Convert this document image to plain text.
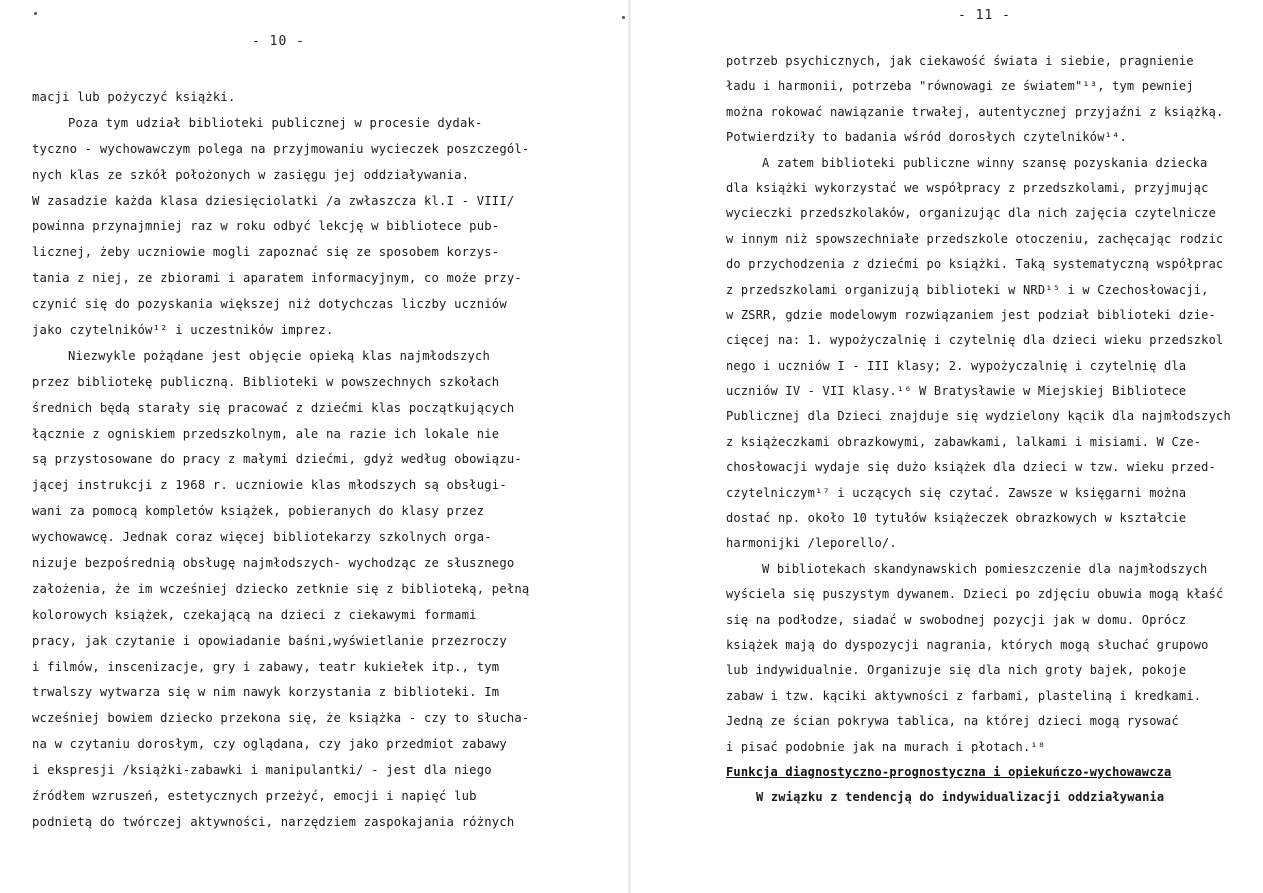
- 10 -
macji lub pożyczyć książki.
Poza tym udział biblioteki publicznej w procesie dydak-
tyczno - wychowawczym polega na przyjmowaniu wycieczek poszczegól-
nych klas ze szkół położonych w zasięgu jej oddziaływania.
W zasadzie każda klasa dziesięciolatki /a zwłaszcza kl.I - VIII/
powinna przynajmniej raz w roku odbyć lekcję w bibliotece pub-
licznej, żeby uczniowie mogli zapoznać się ze sposobem korzys-
tania z niej, ze zbiorami i aparatem informacyjnym, co może przy-
czynić się do pozyskania większej niż dotychczas liczby uczniów
jako czytelników¹² i uczestników imprez.
Niezwykle pożądane jest objęcie opieką klas najmłodszych
przez bibliotekę publiczną. Biblioteki w powszechnych szkołach
średnich będą starały się pracować z dziećmi klas początkujących
łącznie z ogniskiem przedszkolnym, ale na razie ich lokale nie
są przystosowane do pracy z małymi dziećmi, gdyż według obowiązu-
jącej instrukcji z 1968 r. uczniowie klas młodszych są obsługi-
wani za pomocą kompletów książek, pobieranych do klasy przez
wychowawcę. Jednak coraz więcej bibliotekarzy szkolnych orga-
nizuje bezpośrednią obsługę najmłodszych- wychodząc ze słusznego
założenia, że im wcześniej dziecko zetknie się z biblioteką, pełną
kolorowych książek, czekającą na dzieci z ciekawymi formami
pracy, jak czytanie i opowiadanie baśni,wyświetlanie przezroczy
i filmów, inscenizacje, gry i zabawy, teatr kukiełek itp., tym
trwalszy wytwarza się w nim nawyk korzystania z biblioteki. Im
wcześniej bowiem dziecko przekona się, że książka - czy to słucha-
na w czytaniu dorosłym, czy oglądana, czy jako przedmiot zabawy
i ekspresji /książki-zabawki i manipulantki/ - jest dla niego
źródłem wzruszeń, estetycznych przeżyć, emocji i napięć lub
podnietą do twórczej aktywności, narzędziem zaspokajania różnych
- 11 -
potrzeb psychicznych, jak ciekawość świata i siebie, pragnienie
ładu i harmonii, potrzeba "równowagi ze światem"¹³, tym pewniej
można rokować nawiązanie trwałej, autentycznej przyjaźni z książką.
Potwierdziły to badania wśród dorosłych czytelników¹⁴.
A zatem biblioteki publiczne winny szansę pozyskania dziecka
dla książki wykorzystać we współpracy z przedszkolami, przyjmując
wycieczki przedszkolaków, organizując dla nich zajęcia czytelnicze
w innym niż spowszechniałe przedszkole otoczeniu, zachęcając rodzic
do przychodzenia z dziećmi po książki. Taką systematyczną współprac
z przedszkolami organizują biblioteki w NRD¹⁵ i w Czechosłowacji,
w ZSRR, gdzie modelowym rozwiązaniem jest podział biblioteki dzie-
cięcej na: 1. wypożyczalnię i czytelnię dla dzieci wieku przedszkol
nego i uczniów I - III klasy; 2. wypożyczalnię i czytelnię dla
uczniów IV - VII klasy.¹⁶ W Bratysławie w Miejskiej Bibliotece
Publicznej dla Dzieci znajduje się wydzielony kącik dla najmłodszych
z książeczkami obrazkowymi, zabawkami, lalkami i misiami. W Cze-
chosłowacji wydaje się dużo książek dla dzieci w tzw. wieku przed-
czytelniczym¹⁷ i uczących się czytać. Zawsze w księgarni można
dostać np. około 10 tytułów książeczek obrazkowych w kształcie
harmonijki /leporello/.
W bibliotekach skandynawskich pomieszczenie dla najmłodszych
wyściela się puszystym dywanem. Dzieci po zdjęciu obuwia mogą kłaść
się na podłodze, siadać w swobodnej pozycji jak w domu. Oprócz
książek mają do dyspozycji nagrania, których mogą słuchać grupowo
lub indywidualnie. Organizuje się dla nich groty bajek, pokoje
zabaw i tzw. kąciki aktywności z farbami, plasteliną i kredkami.
Jedną ze ścian pokrywa tablica, na której dzieci mogą rysować
i pisać podobnie jak na murach i płotach.¹⁸
Funkcja diagnostyczno-prognostyczna i opiekuńczo-wychowawcza
W związku z tendencją do indywidualizacji oddziaływania
